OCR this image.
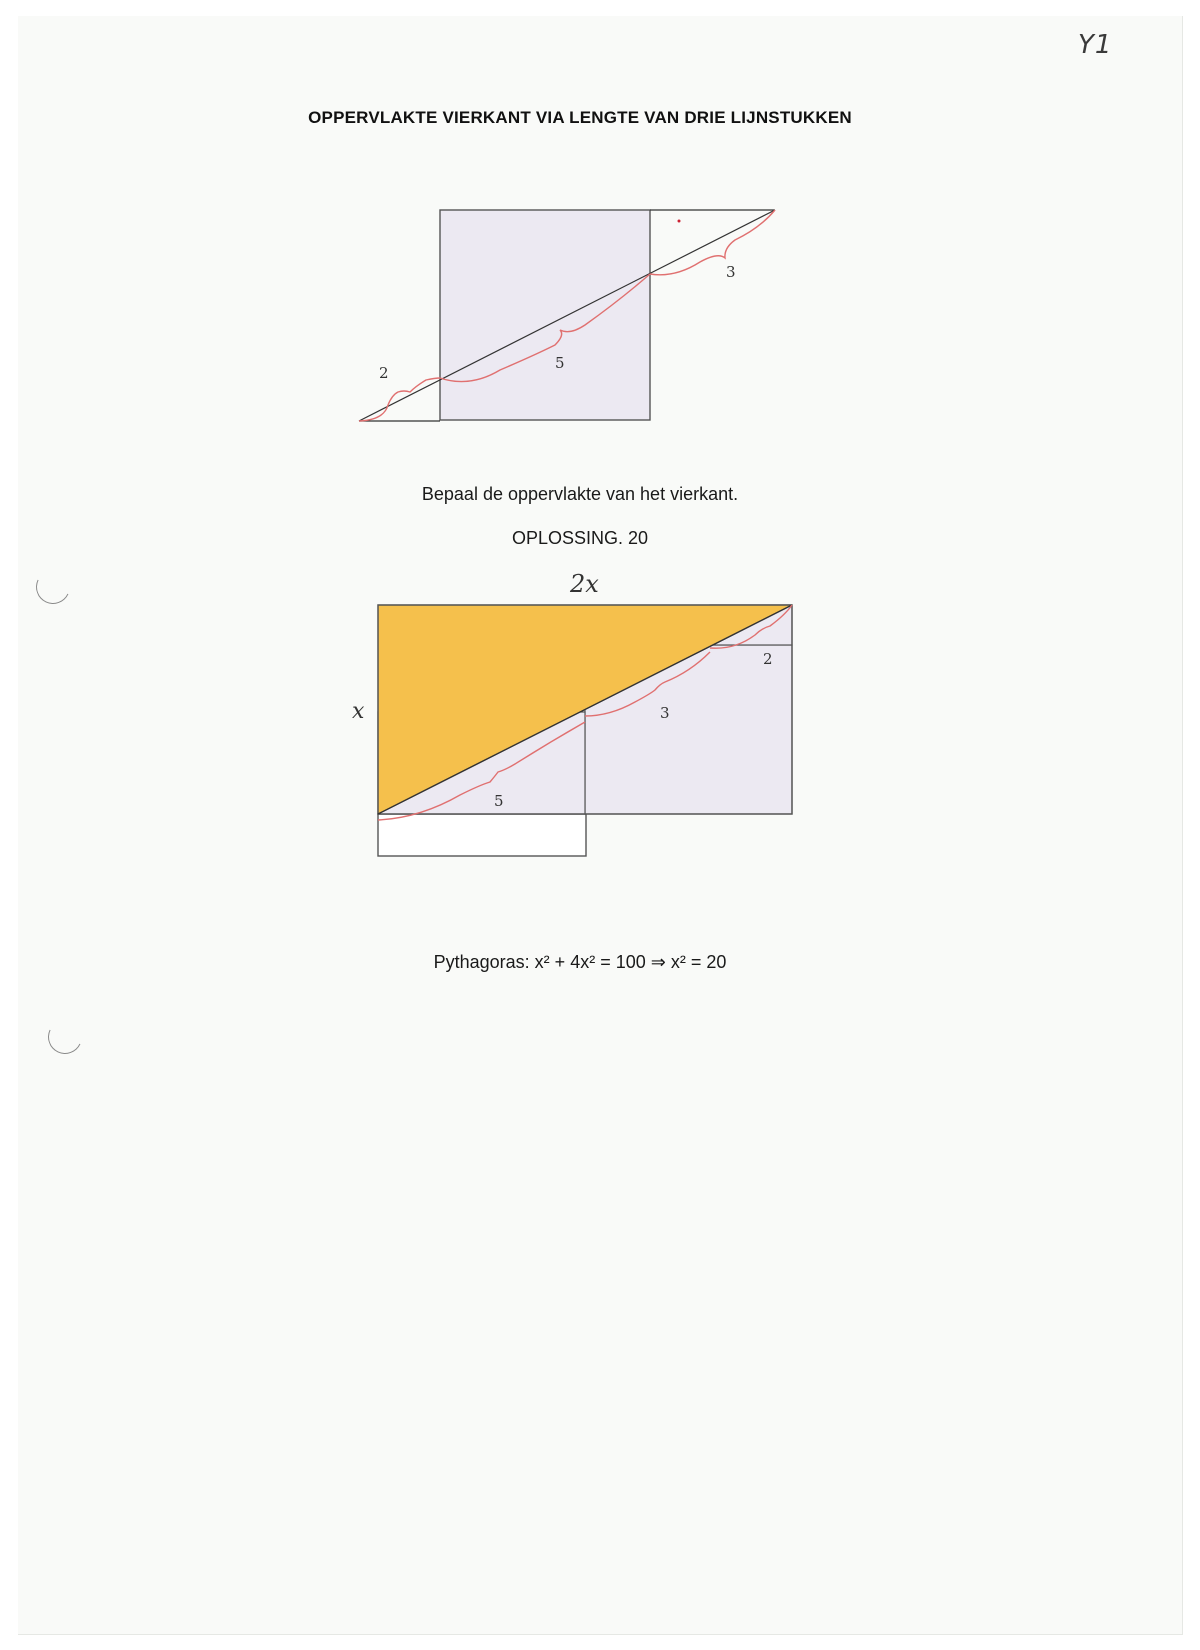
Y1
OPPERVLAKTE VIERKANT VIA LENGTE VAN DRIE LIJNSTUKKEN
2
5
3
Bepaal de oppervlakte van het vierkant.
OPLOSSING. 20
2x
x
5
3
2
Pythagoras: x² + 4x² = 100 ⇒ x² = 20
